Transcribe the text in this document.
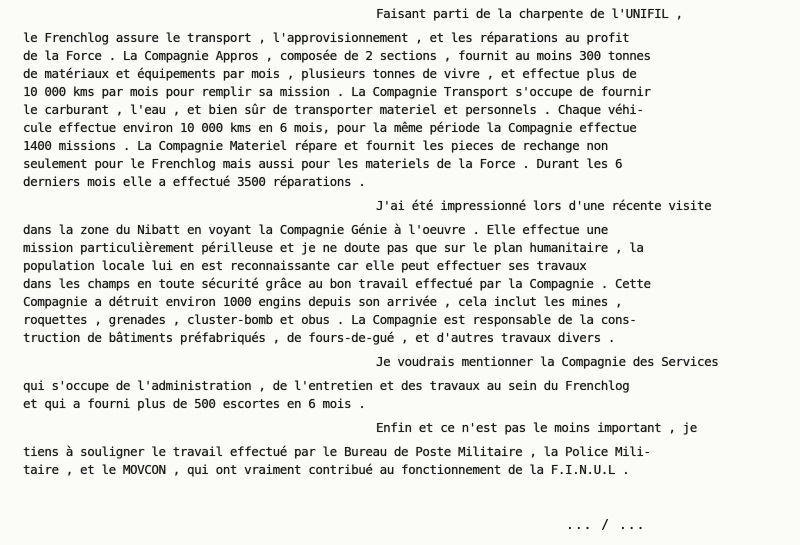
Faisant parti de la charpente de l'UNIFIL ,
le Frenchlog assure le transport , l'approvisionnement , et les réparations au profit
de la Force . La Compagnie Appros , composée de 2 sections , fournit au moins 300 tonnes
de matériaux et équipements par mois , plusieurs tonnes de vivre , et effectue plus de
10 000 kms par mois pour remplir sa mission . La Compagnie Transport s'occupe de fournir
le carburant , l'eau , et bien sûr de transporter materiel et personnels . Chaque véhi-
cule effectue environ 10 000 kms en 6 mois, pour la même période la Compagnie effectue
1400 missions . La Compagnie Materiel répare et fournit les pieces de rechange non
seulement pour le Frenchlog mais aussi pour les materiels de la Force . Durant les 6
derniers mois elle a effectué 3500 réparations .
J'ai été impressionné lors d'une récente visite
dans la zone du Nibatt en voyant la Compagnie Génie à l'oeuvre . Elle effectue une
mission particulièrement périlleuse et je ne doute pas que sur le plan humanitaire , la
population locale lui en est reconnaissante car elle peut effectuer ses travaux
dans les champs en toute sécurité grâce au bon travail effectué par la Compagnie . Cette
Compagnie a détruit environ 1000 engins depuis son arrivée , cela inclut les mines ,
roquettes , grenades , cluster-bomb et obus . La Compagnie est responsable de la cons-
truction de bâtiments préfabriqués , de fours-de-gué , et d'autres travaux divers .
Je voudrais mentionner la Compagnie des Services
qui s'occupe de l'administration , de l'entretien et des travaux au sein du Frenchlog
et qui a fourni plus de 500 escortes en 6 mois .
Enfin et ce n'est pas le moins important , je
tiens à souligner le travail effectué par le Bureau de Poste Militaire , la Police Mili-
taire , et le MOVCON , qui ont vraiment contribué au fonctionnement de la F.I.N.U.L .
... / ...
